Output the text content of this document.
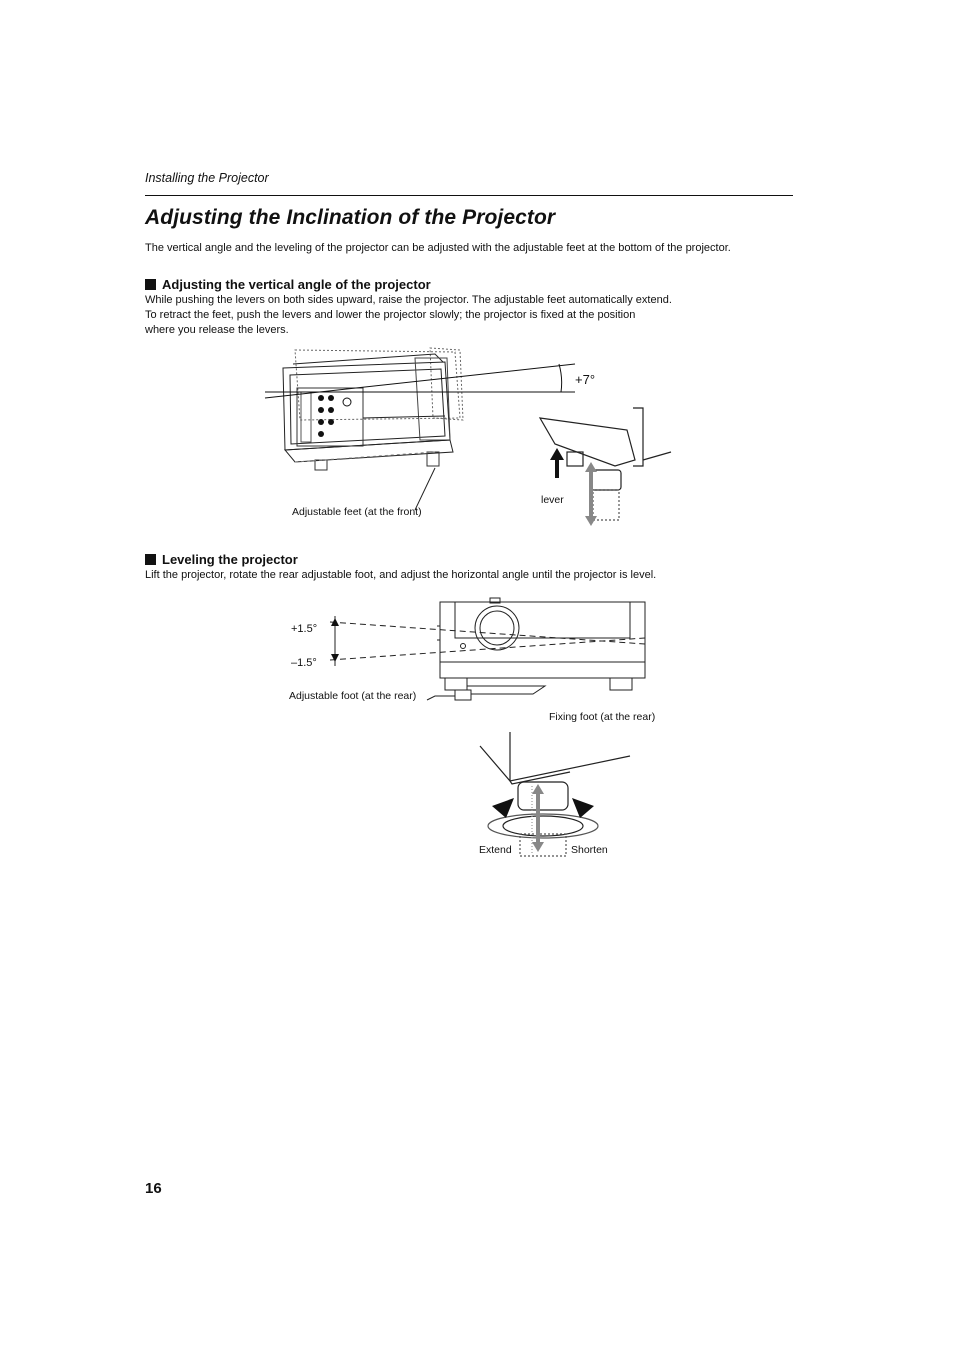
Installing the Projector
Adjusting the Inclination of the Projector
The vertical angle and the leveling of the projector can be adjusted with the adjustable feet at the bottom of the projector.
Adjusting the vertical angle of the projector
While pushing the levers on both sides upward, raise the projector. The adjustable feet automatically extend.
To retract the feet, push the levers and lower the projector slowly; the projector is fixed at the position
where you release the levers.
+7°
Adjustable feet (at the front)
lever
Leveling the projector
Lift the projector, rotate the rear adjustable foot, and adjust the horizontal angle until the projector is level.
+1.5°
–1.5°
Adjustable foot (at the rear)
Fixing foot (at the rear)
Extend	Shorten
16
